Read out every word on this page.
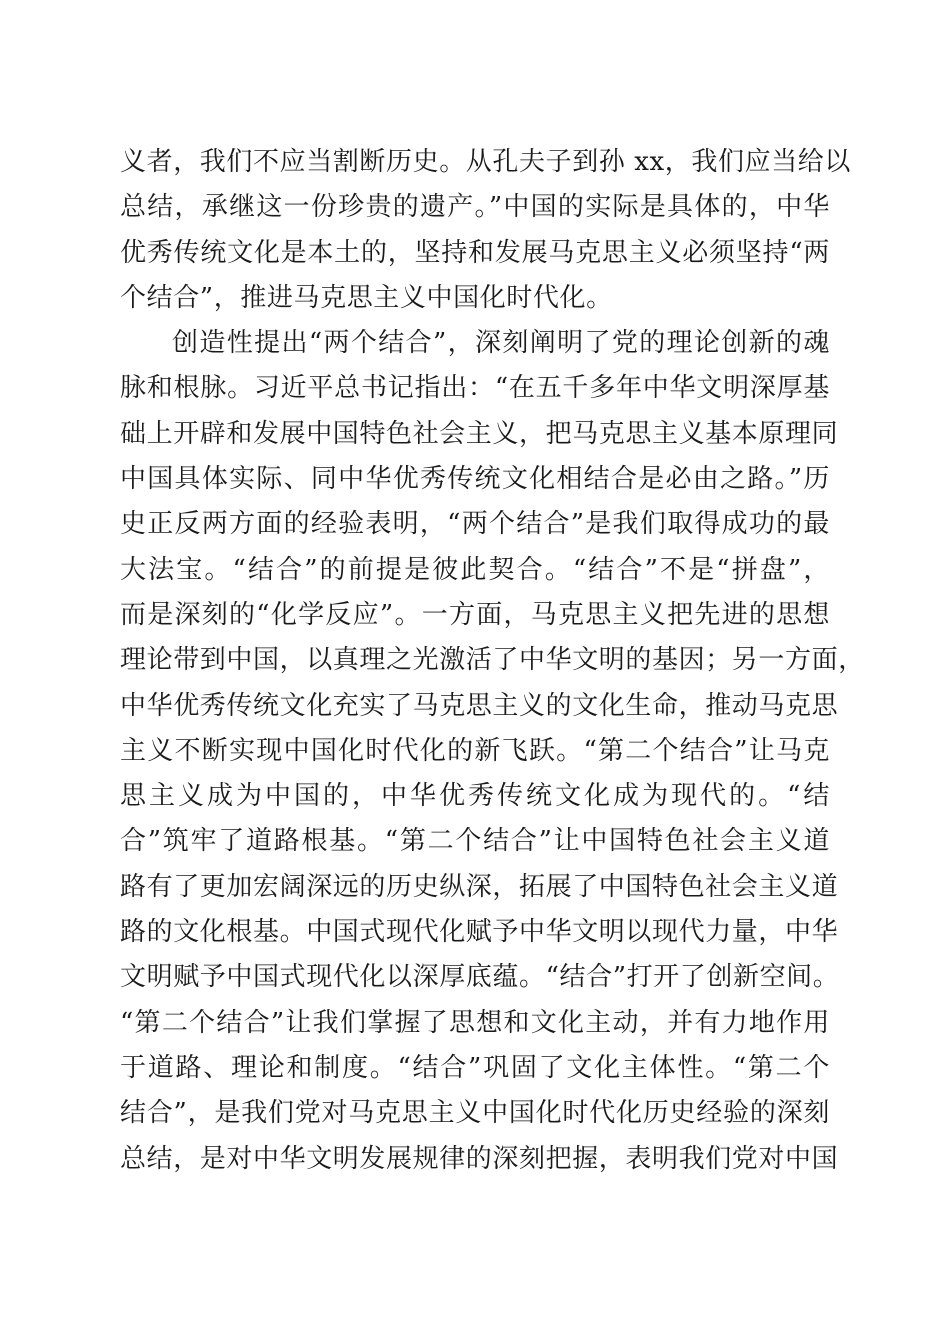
义者，我们不应当割断历史。从孔夫子到孙 xx，我们应当给以
总结，承继这一份珍贵的遗产。”中国的实际是具体的，中华
优秀传统文化是本土的，坚持和发展马克思主义必须坚持“两
个结合”，推进马克思主义中国化时代化。
创造性提出“两个结合”，深刻阐明了党的理论创新的魂
脉和根脉。习近平总书记指出：“在五千多年中华文明深厚基
础上开辟和发展中国特色社会主义，把马克思主义基本原理同
中国具体实际、同中华优秀传统文化相结合是必由之路。”历
史正反两方面的经验表明，“两个结合”是我们取得成功的最
大法宝。“结合”的前提是彼此契合。“结合”不是“拼盘”，
而是深刻的“化学反应”。一方面，马克思主义把先进的思想
理论带到中国，以真理之光激活了中华文明的基因；另一方面，
中华优秀传统文化充实了马克思主义的文化生命，推动马克思
主义不断实现中国化时代化的新飞跃。“第二个结合”让马克
思主义成为中国的，中华优秀传统文化成为现代的。“结
合”筑牢了道路根基。“第二个结合”让中国特色社会主义道
路有了更加宏阔深远的历史纵深，拓展了中国特色社会主义道
路的文化根基。中国式现代化赋予中华文明以现代力量，中华
文明赋予中国式现代化以深厚底蕴。“结合”打开了创新空间。
“第二个结合”让我们掌握了思想和文化主动，并有力地作用
于道路、理论和制度。“结合”巩固了文化主体性。“第二个
结合”，是我们党对马克思主义中国化时代化历史经验的深刻
总结，是对中华文明发展规律的深刻把握，表明我们党对中国
